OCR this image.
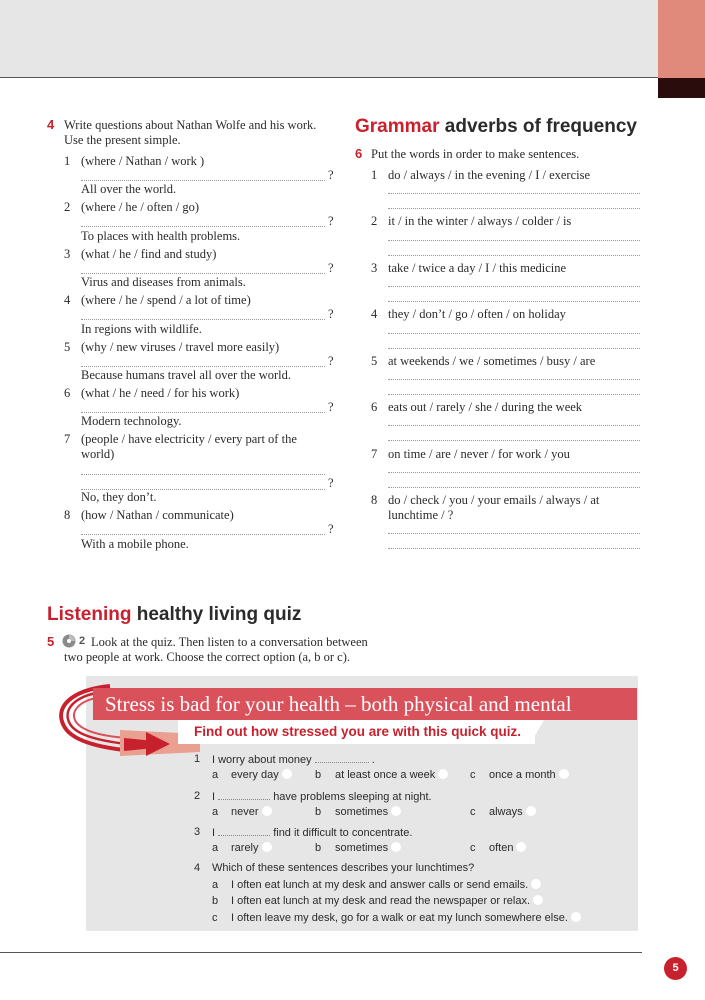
4 Write questions about Nathan Wolfe and his work.
Use the present simple.
1 (where / Nathan / work )
?
All over the world.
2 (where / he / often / go)
?
To places with health problems.
3 (what / he / find and study)
?
Virus and diseases from animals.
4 (where / he / spend / a lot of time)
?
In regions with wildlife.
5 (why / new viruses / travel more easily)
?
Because humans travel all over the world.
6 (what / he / need / for his work)
?
Modern technology.
7 (people / have electricity / every part of the
world)
?
No, they don’t.
8 (how / Nathan / communicate)
?
With a mobile phone.
Grammar adverbs of frequency
6 Put the words in order to make sentences.
1 do / always / in the evening / I / exercise
2 it / in the winter / always / colder / is
3 take / twice a day / I / this medicine
4 they / don’t / go / often / on holiday
5 at weekends / we / sometimes / busy / are
6 eats out / rarely / she / during the week
7 on time / are / never / for work / you
8 do / check / you / your emails / always / at
lunchtime / ?
Listening healthy living quiz
5 2 Look at the quiz. Then listen to a conversation between
two people at work. Choose the correct option (a, b or c).
Stress is bad for your health – both physical and mental
Find out how stressed you are with this quick quiz.
1 I worry about money	.
a every day	b at least once a week	c once a month
2 I	have problems sleeping at night.
a never	b sometimes	c always
3 I	find it difficult to concentrate.
a rarely	b sometimes	c often
4 Which of these sentences describes your lunchtimes?
a I often eat lunch at my desk and answer calls or send emails.
b I often eat lunch at my desk and read the newspaper or relax.
c I often leave my desk, go for a walk or eat my lunch somewhere else.
5
